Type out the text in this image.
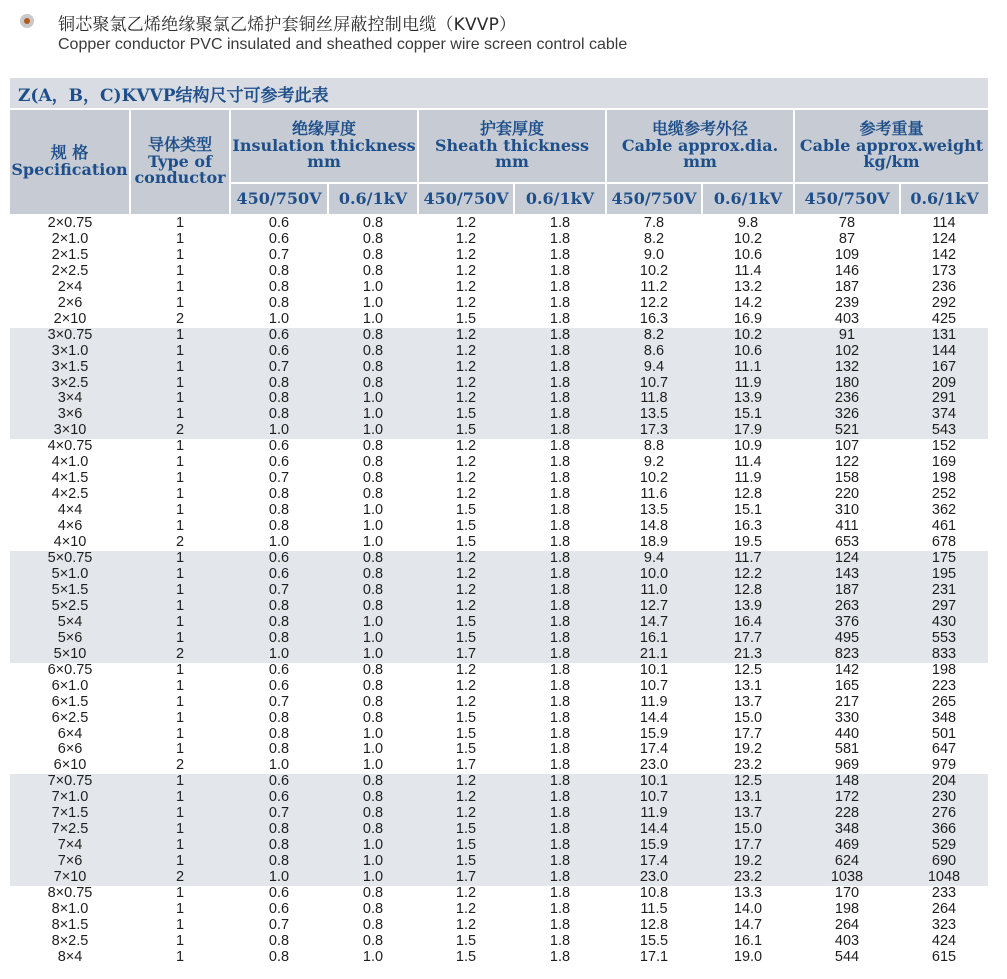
铜芯聚氯乙烯绝缘聚氯乙烯护套铜丝屏蔽控制电缆（KVVP）
Copper conductor PVC insulated and sheathed copper wire screen control cable
Z(A，B，C)KVVP结构尺寸可参考此表
规 格
Specification	导体类型
Type of
conductor	绝缘厚度
Insulation thickness
mm		护套厚度
Sheath thickness
mm		电缆参考外径
Cable approx.dia.
mm		参考重量
Cable approx.weight
kg/km	

		450/750V	0.6/1kV	450/750V	0.6/1kV	450/750V	0.6/1kV	450/750V	0.6/1kV
2×0.75	1	0.6	0.8	1.2	1.8	7.8	9.8	78	114
2×1.0	1	0.6	0.8	1.2	1.8	8.2	10.2	87	124
2×1.5	1	0.7	0.8	1.2	1.8	9.0	10.6	109	142
2×2.5	1	0.8	0.8	1.2	1.8	10.2	11.4	146	173
2×4	1	0.8	1.0	1.2	1.8	11.2	13.2	187	236
2×6	1	0.8	1.0	1.2	1.8	12.2	14.2	239	292
2×10	2	1.0	1.0	1.5	1.8	16.3	16.9	403	425
3×0.75	1	0.6	0.8	1.2	1.8	8.2	10.2	91	131
3×1.0	1	0.6	0.8	1.2	1.8	8.6	10.6	102	144
3×1.5	1	0.7	0.8	1.2	1.8	9.4	11.1	132	167
3×2.5	1	0.8	0.8	1.2	1.8	10.7	11.9	180	209
3×4	1	0.8	1.0	1.2	1.8	11.8	13.9	236	291
3×6	1	0.8	1.0	1.5	1.8	13.5	15.1	326	374
3×10	2	1.0	1.0	1.5	1.8	17.3	17.9	521	543
4×0.75	1	0.6	0.8	1.2	1.8	8.8	10.9	107	152
4×1.0	1	0.6	0.8	1.2	1.8	9.2	11.4	122	169
4×1.5	1	0.7	0.8	1.2	1.8	10.2	11.9	158	198
4×2.5	1	0.8	0.8	1.2	1.8	11.6	12.8	220	252
4×4	1	0.8	1.0	1.5	1.8	13.5	15.1	310	362
4×6	1	0.8	1.0	1.5	1.8	14.8	16.3	411	461
4×10	2	1.0	1.0	1.5	1.8	18.9	19.5	653	678
5×0.75	1	0.6	0.8	1.2	1.8	9.4	11.7	124	175
5×1.0	1	0.6	0.8	1.2	1.8	10.0	12.2	143	195
5×1.5	1	0.7	0.8	1.2	1.8	11.0	12.8	187	231
5×2.5	1	0.8	0.8	1.2	1.8	12.7	13.9	263	297
5×4	1	0.8	1.0	1.5	1.8	14.7	16.4	376	430
5×6	1	0.8	1.0	1.5	1.8	16.1	17.7	495	553
5×10	2	1.0	1.0	1.7	1.8	21.1	21.3	823	833
6×0.75	1	0.6	0.8	1.2	1.8	10.1	12.5	142	198
6×1.0	1	0.6	0.8	1.2	1.8	10.7	13.1	165	223
6×1.5	1	0.7	0.8	1.2	1.8	11.9	13.7	217	265
6×2.5	1	0.8	0.8	1.5	1.8	14.4	15.0	330	348
6×4	1	0.8	1.0	1.5	1.8	15.9	17.7	440	501
6×6	1	0.8	1.0	1.5	1.8	17.4	19.2	581	647
6×10	2	1.0	1.0	1.7	1.8	23.0	23.2	969	979
7×0.75	1	0.6	0.8	1.2	1.8	10.1	12.5	148	204
7×1.0	1	0.6	0.8	1.2	1.8	10.7	13.1	172	230
7×1.5	1	0.7	0.8	1.2	1.8	11.9	13.7	228	276
7×2.5	1	0.8	0.8	1.5	1.8	14.4	15.0	348	366
7×4	1	0.8	1.0	1.5	1.8	15.9	17.7	469	529
7×6	1	0.8	1.0	1.5	1.8	17.4	19.2	624	690
7×10	2	1.0	1.0	1.7	1.8	23.0	23.2	1038	1048
8×0.75	1	0.6	0.8	1.2	1.8	10.8	13.3	170	233
8×1.0	1	0.6	0.8	1.2	1.8	11.5	14.0	198	264
8×1.5	1	0.7	0.8	1.2	1.8	12.8	14.7	264	323
8×2.5	1	0.8	0.8	1.5	1.8	15.5	16.1	403	424
8×4	1	0.8	1.0	1.5	1.8	17.1	19.0	544	615
